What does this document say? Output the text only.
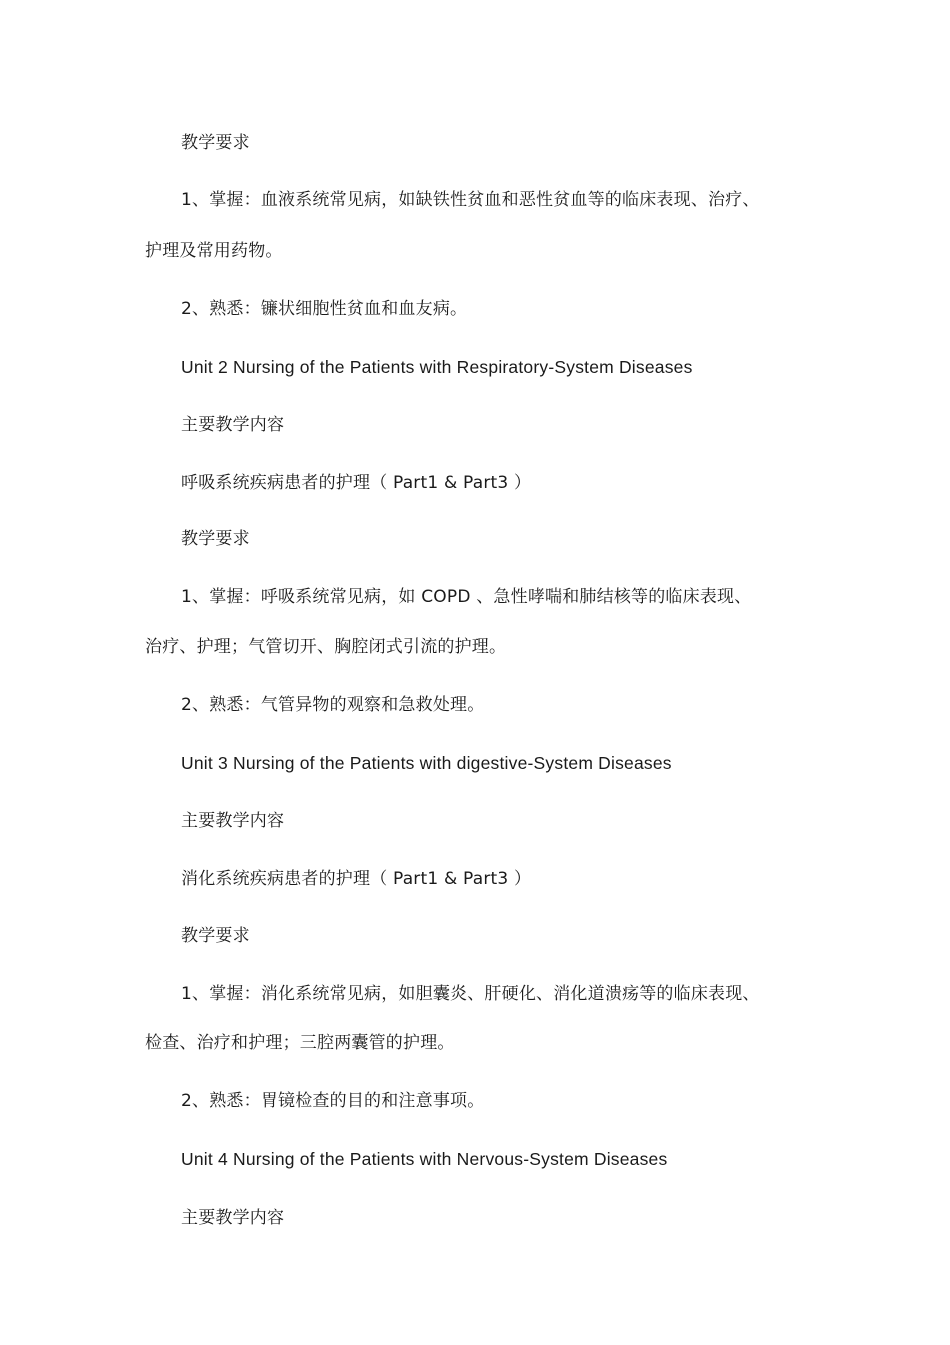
教学要求
1、掌握：血液系统常见病，如缺铁性贫血和恶性贫血等的临床表现、治疗、
护理及常用药物。
2、熟悉：镰状细胞性贫血和血友病。
Unit 2 Nursing of the Patients with Respiratory-System Diseases
主要教学内容
呼吸系统疾病患者的护理（ Part1 & Part3 ）
教学要求
1、掌握：呼吸系统常见病，如 COPD 、急性哮喘和肺结核等的临床表现、
治疗、护理；气管切开、胸腔闭式引流的护理。
2、熟悉：气管异物的观察和急救处理。
Unit 3 Nursing of the Patients with digestive-System Diseases
主要教学内容
消化系统疾病患者的护理（ Part1 & Part3 ）
教学要求
1、掌握：消化系统常见病，如胆囊炎、肝硬化、消化道溃疡等的临床表现、
检查、治疗和护理；三腔两囊管的护理。
2、熟悉：胃镜检查的目的和注意事项。
Unit 4 Nursing of the Patients with Nervous-System Diseases
主要教学内容
